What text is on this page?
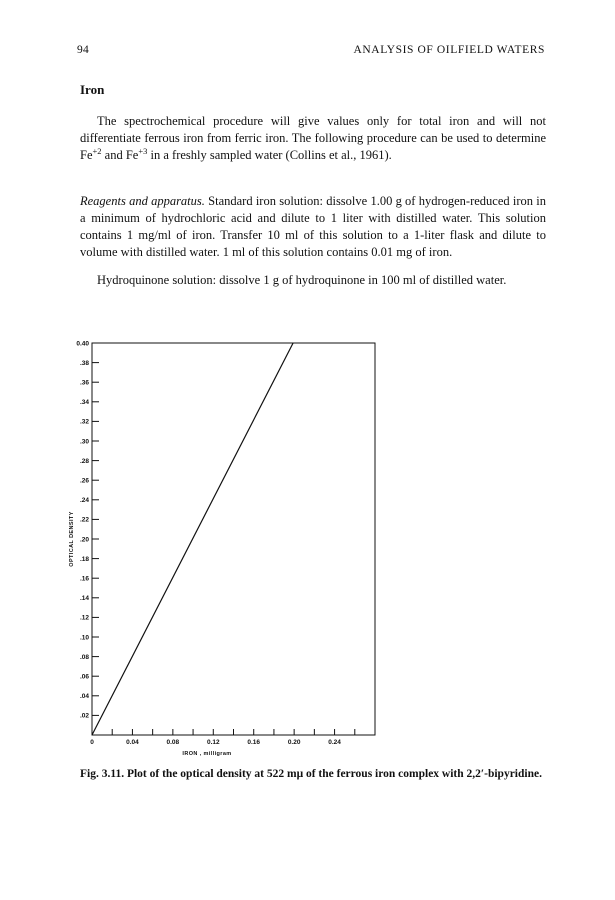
94	ANALYSIS OF OILFIELD WATERS
Iron

The spectrochemical procedure will give values only for total iron and will not differentiate ferrous iron from ferric iron. The following procedure can be used to determine $Fe^{+2}$ and $Fe^{+3}$ in a freshly sampled water (Collins et al., 1961).

Reagents and apparatus. Standard iron solution: dissolve 1.00 g of hydrogen-reduced iron in a minimum of hydrochloric acid and dilute to 1 liter with distilled water. This solution contains 1 mg/ml of iron. Transfer 10 ml of this solution to a 1-liter flask and dilute to volume with distilled water. 1 ml of this solution contains 0.01 mg of iron.

Hydroquinone solution: dissolve 1 g of hydroquinone in 100 ml of distilled water.

.02
.04
.06
.08
.10
.12
.14
.16
.18
.20
.22
.24
.26
.28
.30
.32
.34
.36
.38
0.40
0	0.04	0.08	0.12	0.16	0.20	0.24
OPTICAL DENSITY
IRON , milligram

Fig. 3.11. Plot of the optical density at 522 mμ of the ferrous iron complex with 2,2′-bipyridine.
